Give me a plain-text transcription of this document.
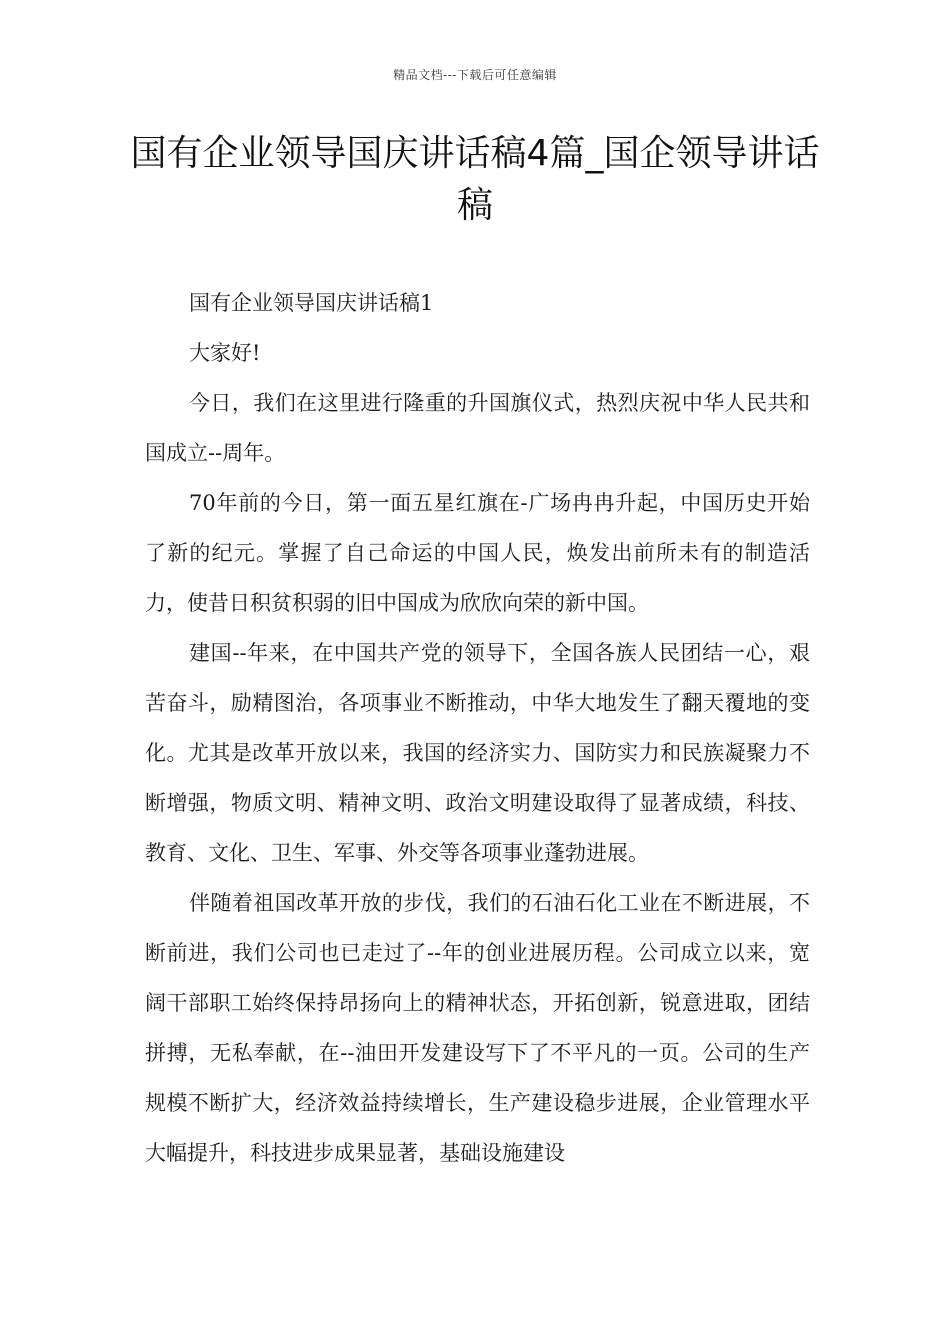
精品文档---下载后可任意编辑
国有企业领导国庆讲话稿4篇_国企领导讲话稿

国有企业领导国庆讲话稿1

大家好!

今日，我们在这里进行隆重的升国旗仪式，热烈庆祝中华人民共和国成立--周年。

70年前的今日，第一面五星红旗在-广场冉冉升起，中国历史开始了新的纪元。掌握了自己命运的中国人民，焕发出前所未有的制造活力，使昔日积贫积弱的旧中国成为欣欣向荣的新中国。

建国--年来，在中国共产党的领导下，全国各族人民团结一心，艰苦奋斗，励精图治，各项事业不断推动，中华大地发生了翻天覆地的变化。尤其是改革开放以来，我国的经济实力、国防实力和民族凝聚力不断增强，物质文明、精神文明、政治文明建设取得了显著成绩，科技、教育、文化、卫生、军事、外交等各项事业蓬勃进展。

伴随着祖国改革开放的步伐，我们的石油石化工业在不断进展，不断前进，我们公司也已走过了--年的创业进展历程。公司成立以来，宽阔干部职工始终保持昂扬向上的精神状态，开拓创新，锐意进取，团结拼搏，无私奉献，在--油田开发建设写下了不平凡的一页。公司的生产规模不断扩大，经济效益持续增长，生产建设稳步进展，企业管理水平大幅提升，科技进步成果显著，基础设施建设
